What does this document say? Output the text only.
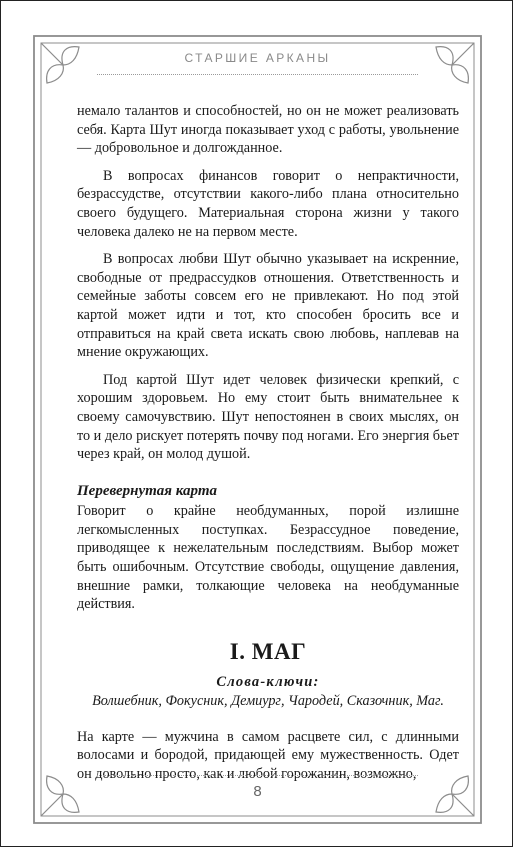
СТАРШИЕ АРКАНЫ

немало талантов и способностей, но он не может реализовать себя. Карта Шут иногда показывает уход с работы, увольнение — добровольное и долгожданное.

В вопросах финансов говорит о непрактичности, безрассудстве, отсутствии какого-либо плана относительно своего будущего. Материальная сторона жизни у такого человека далеко не на первом месте.

В вопросах любви Шут обычно указывает на искренние, свободные от предрассудков отношения. Ответственность и семейные заботы совсем его не привлекают. Но под этой картой может идти и тот, кто способен бросить все и отправиться на край света искать свою любовь, наплевав на мнение окружающих.

Под картой Шут идет человек физически крепкий, с хорошим здоровьем. Но ему стоит быть внимательнее к своему самочувствию. Шут непостоянен в своих мыслях, он то и дело рискует потерять почву под ногами. Его энергия бьет через край, он молод душой.

Перевернутая карта

Говорит о крайне необдуманных, порой излишне легкомысленных поступках. Безрассудное поведение, приводящее к нежелательным последствиям. Выбор может быть ошибочным. Отсутствие свободы, ощущение давления, внешние рамки, толкающие человека на необдуманные действия.

I. МАГ
Слова-ключи:
Волшебник, Фокусник, Демиург, Чародей, Сказочник, Маг.

На карте — мужчина в самом расцвете сил, с длинными волосами и бородой, придающей ему мужественность. Одет он довольно просто, как и любой горожанин, возможно,

8
